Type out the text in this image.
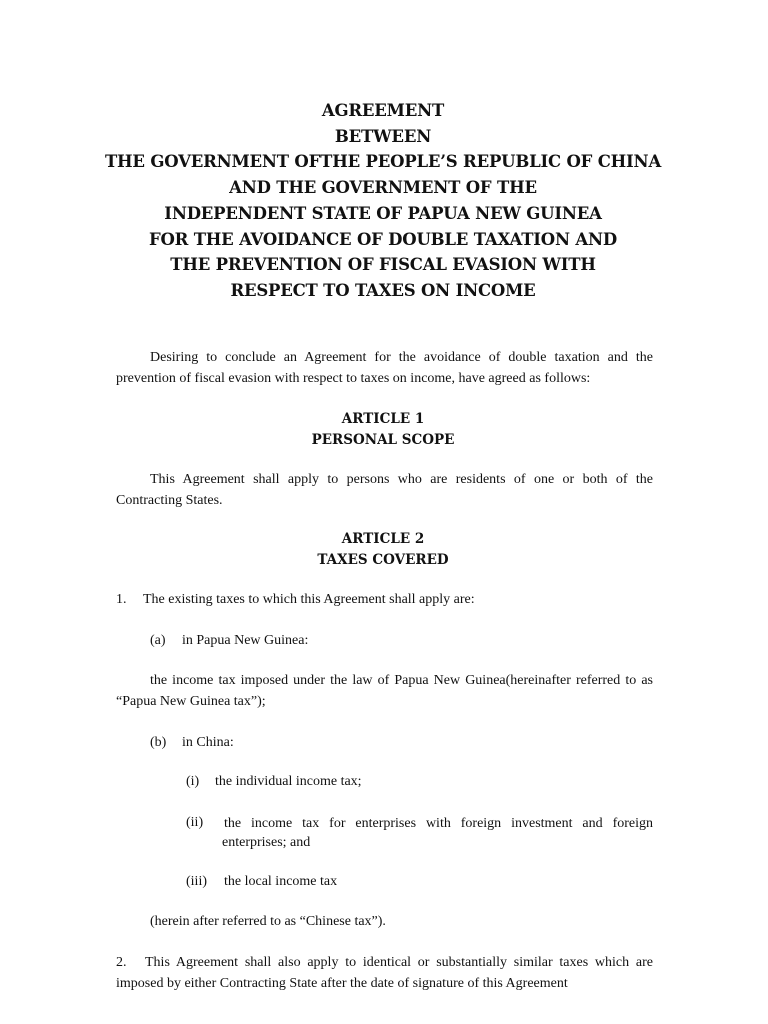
AGREEMENT
BETWEEN
THE GOVERNMENT OFTHE PEOPLE’S REPUBLIC OF CHINA
AND THE GOVERNMENT OF THE
INDEPENDENT STATE OF PAPUA NEW GUINEA
FOR THE AVOIDANCE OF DOUBLE TAXATION AND
THE PREVENTION OF FISCAL EVASION WITH
RESPECT TO TAXES ON INCOME
Desiring to conclude an Agreement for the avoidance of double taxation and the prevention of fiscal evasion with respect to taxes on income, have agreed as follows:
ARTICLE 1
PERSONAL SCOPE
This Agreement shall apply to persons who are residents of one or both of the Contracting States.
ARTICLE 2
TAXES COVERED
1. The existing taxes to which this Agreement shall apply are:
(a) in Papua New Guinea:
the income tax imposed under the law of Papua New Guinea(hereinafter referred to as “Papua New Guinea tax”);
(b) in China:
(i) the individual income tax;
(ii) the income tax for enterprises with foreign investment and foreign enterprises; and
(iii) the local income tax
(herein after referred to as “Chinese tax”).
2. This Agreement shall also apply to identical or substantially similar taxes which are imposed by either Contracting State after the date of signature of this Agreement
